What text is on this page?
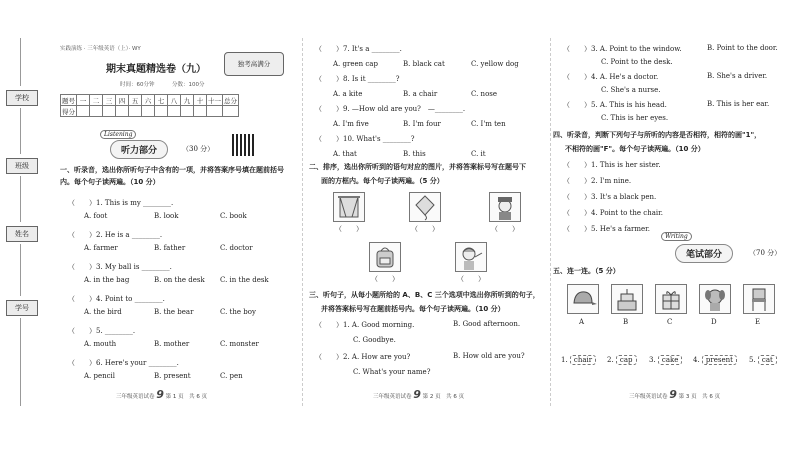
学校
班级
姓名
学号
实践演练 · 三年级英语（上）· WY
期末真题精选卷（九）	独考高满分
时间：60分钟	分数：100分
题号	一	二	三	四	五	六	七	八	九	十	十一	总分
得分												
Listening
听力部分	（30 分）
一、听录音，选出你所听句子中含有的一项，并将答案序号填在题前括号内。每个句子读两遍。（10 分）
（　　）1. This is my ________.
A. foot	B. look	C. book
（　　）2. He is a ________.
A. farmer	B. father	C. doctor
（　　）3. My ball is ________.
A. in the bag	B. on the desk C. in the desk
（　　）4. Point to ________.
A. the bird	B. the bear	C. the boy
（　　）5. ________.
A. mouth	B. mother	C. monster
（　　）6. Here's your ________.
A. pencil	B. present	C. pen
三年级英语试卷 9 第 1 页　共 6 页
（　　）7. It's a ________.
A. green cap	B. black cat	C. yellow dog
（　　）8. Is it ________?
A. a kite	B. a chair	C. nose
（　　）9. —How old are you?　—________.
A. I'm five	B. I'm four	C. I'm ten
（　　）10. What's ________?
A. that	B. this	C. it
二、排序，选出你所听到的语句对应的图片，并将答案标号写在题号下
面的方框内。每个句子读两遍。（5 分）
（　　）	（　　）	（　　）
（　　）	（　　）
三、听句子，从每小题所给的 A、B、C 三个选项中选出你所听到的句子，
并将答案标号写在题前括号内。每个句子读两遍。（10 分）
（　　）1. A. Good morning.	B. Good afternoon.
C. Goodbye.
（　　）2. A. How are you?	B. How old are you?
C. What's your name?
三年级英语试卷 9 第 2 页　共 6 页
（　　）3. A. Point to the window.	B. Point to the door.
C. Point to the desk.
（　　）4. A. He's a doctor.	B. She's a driver.
C. She's a nurse.
（　　）5. A. This is his head.	B. This is her ear.
C. This is her eyes.
四、听录音，判断下列句子与所听的内容是否相符，相符的画"1"，
不相符的画"F"。每个句子读两遍。（10 分）
（　　）1. This is her sister.
（　　）2. I'm nine.
（　　）3. It's a black pen.
（　　）4. Point to the chair.
（　　）5. He's a farmer.
Writing
笔试部分	（70 分）
五、连一连。（5 分）
A	B	C	D	E
1. chair	2. cap	3. cake	4. present	5. cat
三年级英语试卷 9 第 3 页　共 6 页
